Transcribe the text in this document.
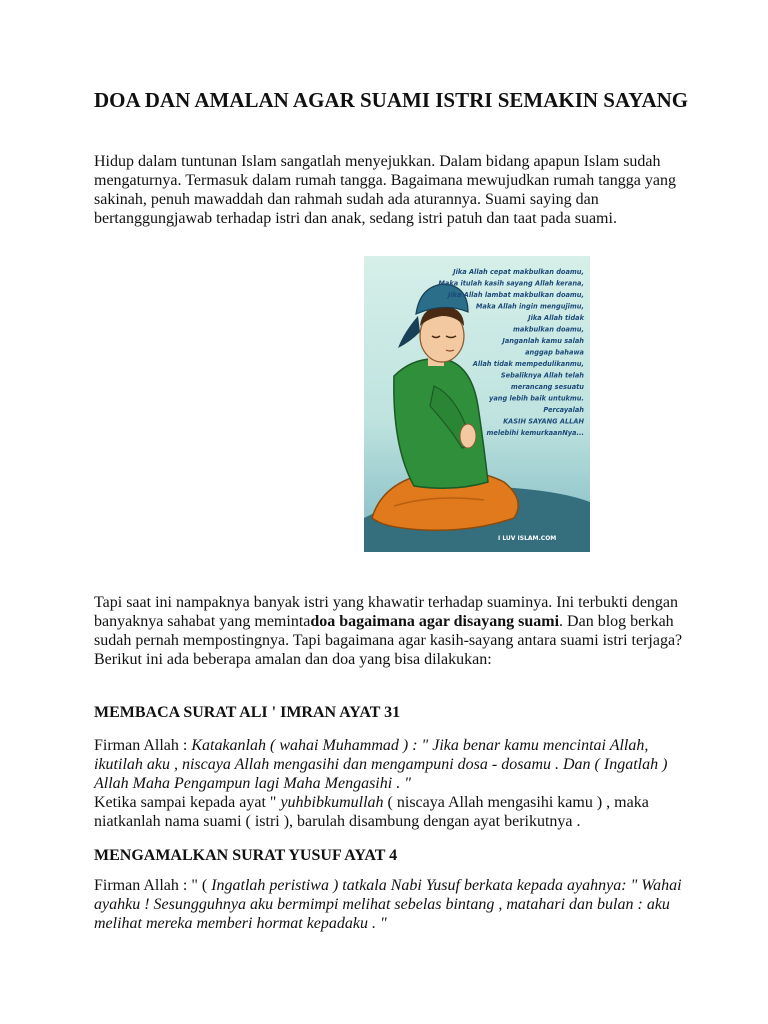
DOA DAN AMALAN AGAR SUAMI ISTRI SEMAKIN SAYANG

Hidup dalam tuntunan Islam sangatlah menyejukkan. Dalam bidang apapun Islam sudah mengaturnya. Termasuk dalam rumah tangga. Bagaimana mewujudkan rumah tangga yang sakinah, penuh mawaddah dan rahmah sudah ada aturannya. Suami saying dan bertanggungjawab terhadap istri dan anak, sedang istri patuh dan taat pada suami.

Jika Allah cepat makbulkan doamu,
Maka itulah kasih sayang Allah kerana,
Jika Allah lambat makbulkan doamu,
Maka Allah ingin mengujimu,
Jika Allah tidak
makbulkan doamu,
Janganlah kamu salah
anggap bahawa
Allah tidak mempedulikanmu,
Sebaliknya Allah telah
merancang sesuatu
yang lebih baik untukmu.
Percayalah
KASIH SAYANG ALLAH
melebihi kemurkaanNya...
I LUV ISLAM.COM

Tapi saat ini nampaknya banyak istri yang khawatir terhadap suaminya. Ini terbukti dengan banyaknya sahabat yang memintadoa bagaimana agar disayang suami. Dan blog berkah sudah pernah mempostingnya. Tapi bagaimana agar kasih-sayang antara suami istri terjaga? Berikut ini ada beberapa amalan dan doa yang bisa dilakukan:

MEMBACA SURAT ALI ' IMRAN AYAT 31

Firman Allah : Katakanlah ( wahai Muhammad ) : " Jika benar kamu mencintai Allah, ikutilah aku , niscaya Allah mengasihi dan mengampuni dosa - dosamu . Dan ( Ingatlah ) Allah Maha Pengampun lagi Maha Mengasihi . "
Ketika sampai kepada ayat " yuhbibkumullah ( niscaya Allah mengasihi kamu ) , maka niatkanlah nama suami ( istri ), barulah disambung dengan ayat berikutnya .

MENGAMALKAN SURAT YUSUF AYAT 4

Firman Allah : " ( Ingatlah peristiwa ) tatkala Nabi Yusuf berkata kepada ayahnya: " Wahai ayahku ! Sesungguhnya aku bermimpi melihat sebelas bintang , matahari dan bulan : aku melihat mereka memberi hormat kepadaku . "
